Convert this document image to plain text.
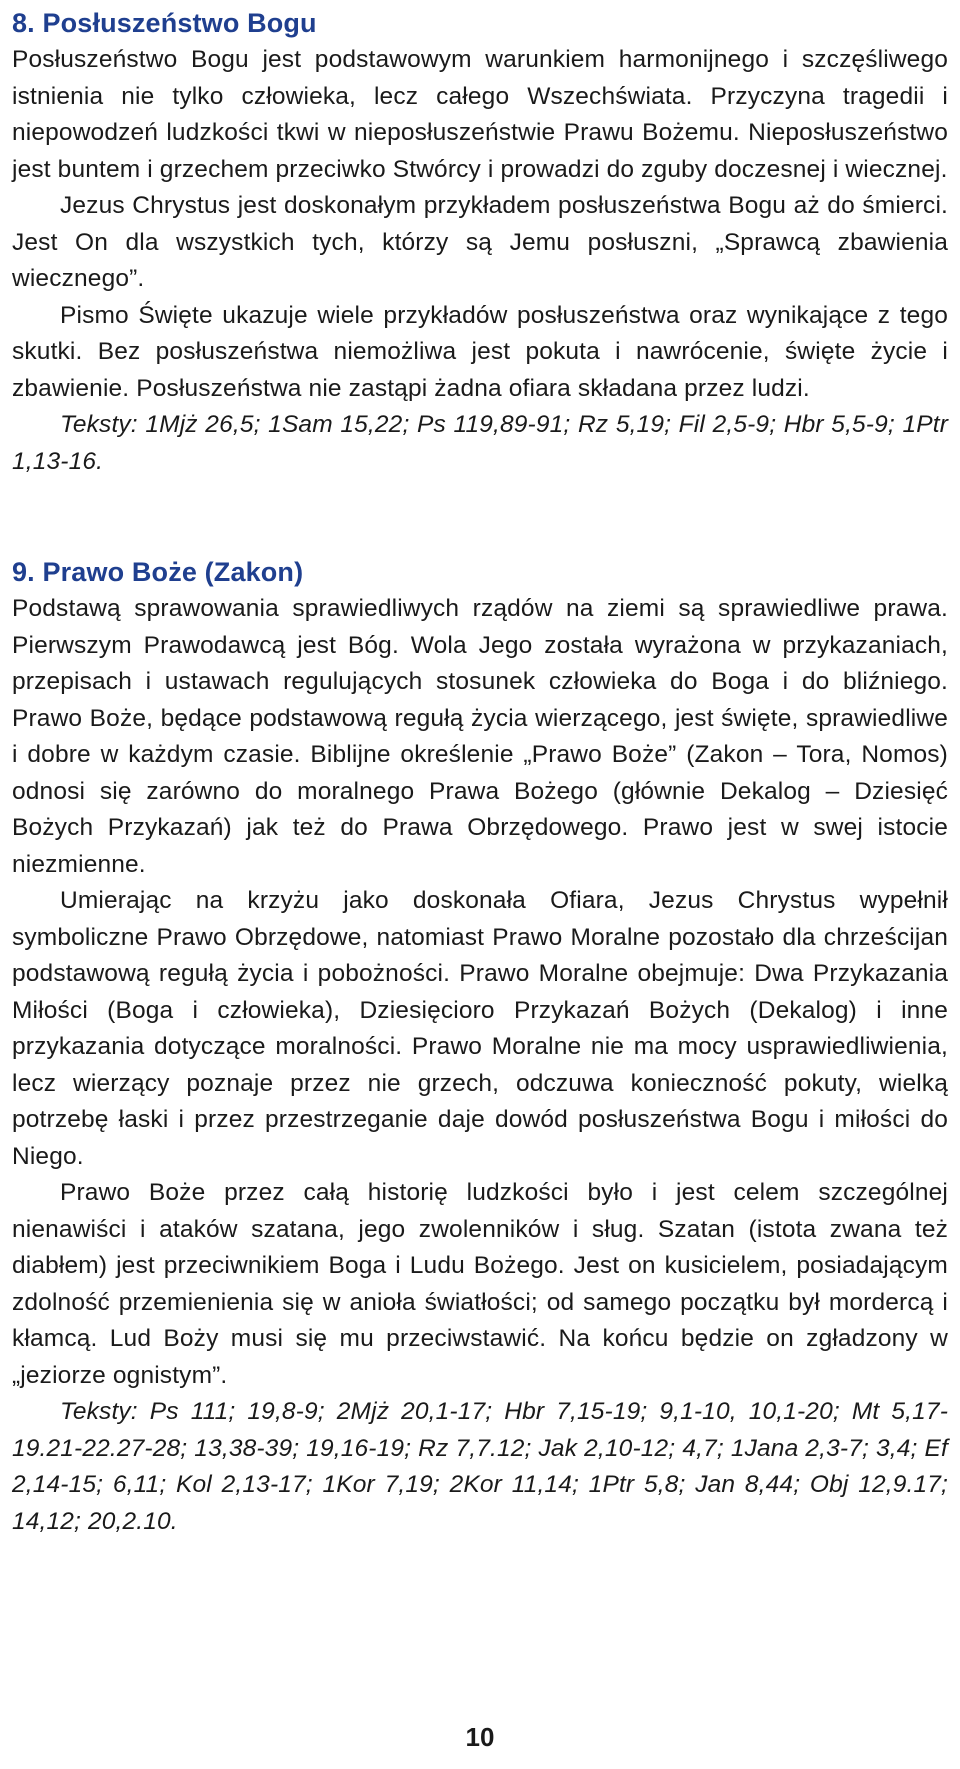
8. Posłuszeństwo Bogu

Posłuszeństwo Bogu jest podstawowym warunkiem harmonijnego i szczęśliwego istnienia nie tylko człowieka, lecz całego Wszechświata. Przyczyna tragedii i niepowodzeń ludzkości tkwi w nieposłuszeństwie Prawu Bożemu. Nieposłuszeństwo jest buntem i grzechem przeciwko Stwórcy i prowadzi do zguby doczesnej i wiecznej.

Jezus Chrystus jest doskonałym przykładem posłuszeństwa Bogu aż do śmierci. Jest On dla wszystkich tych, którzy są Jemu posłuszni, „Sprawcą zbawienia wiecznego”.

Pismo Święte ukazuje wiele przykładów posłuszeństwa oraz wynikające z tego skutki. Bez posłuszeństwa niemożliwa jest pokuta i nawrócenie, święte życie i zbawienie. Posłuszeństwa nie zastąpi żadna ofiara składana przez ludzi.

Teksty: 1Mjż 26,5; 1Sam 15,22; Ps 119,89-91; Rz 5,19; Fil 2,5-9; Hbr 5,5-9; 1Ptr 1,13-16.

9. Prawo Boże (Zakon)

Podstawą sprawowania sprawiedliwych rządów na ziemi są sprawiedliwe prawa. Pierwszym Prawodawcą jest Bóg. Wola Jego została wyrażona w przykazaniach, przepisach i ustawach regulujących stosunek człowieka do Boga i do bliźniego. Prawo Boże, będące podstawową regułą życia wierzącego, jest święte, sprawiedliwe i dobre w każdym czasie. Biblijne określenie „Prawo Boże” (Zakon – Tora, Nomos) odnosi się zarówno do moralnego Prawa Bożego (głównie Dekalog – Dziesięć Bożych Przykazań) jak też do Prawa Obrzędowego. Prawo jest w swej istocie niezmienne.

Umierając na krzyżu jako doskonała Ofiara, Jezus Chrystus wypełnił symboliczne Prawo Obrzędowe, natomiast Prawo Moralne pozostało dla chrześcijan podstawową regułą życia i pobożności. Prawo Moralne obejmuje: Dwa Przykazania Miłości (Boga i człowieka), Dziesięcioro Przykazań Bożych (Dekalog) i inne przykazania dotyczące moralności. Prawo Moralne nie ma mocy usprawiedliwienia, lecz wierzący poznaje przez nie grzech, odczuwa konieczność pokuty, wielką potrzebę łaski i przez przestrzeganie daje dowód posłuszeństwa Bogu i miłości do Niego.

Prawo Boże przez całą historię ludzkości było i jest celem szczególnej nienawiści i ataków szatana, jego zwolenników i sług. Szatan (istota zwana też diabłem) jest przeciwnikiem Boga i Ludu Bożego. Jest on kusicielem, posiadającym zdolność przemienienia się w anioła światłości; od samego początku był mordercą i kłamcą. Lud Boży musi się mu przeciwstawić. Na końcu będzie on zgładzony w „jeziorze ognistym”.

Teksty: Ps 111; 19,8-9; 2Mjż 20,1-17; Hbr 7,15-19; 9,1-10, 10,1-20; Mt 5,17-19.21-22.27-28; 13,38-39; 19,16-19; Rz 7,7.12; Jak 2,10-12; 4,7; 1Jana 2,3-7; 3,4; Ef 2,14-15; 6,11; Kol 2,13-17; 1Kor 7,19; 2Kor 11,14; 1Ptr 5,8; Jan 8,44; Obj 12,9.17; 14,12; 20,2.10.

10
